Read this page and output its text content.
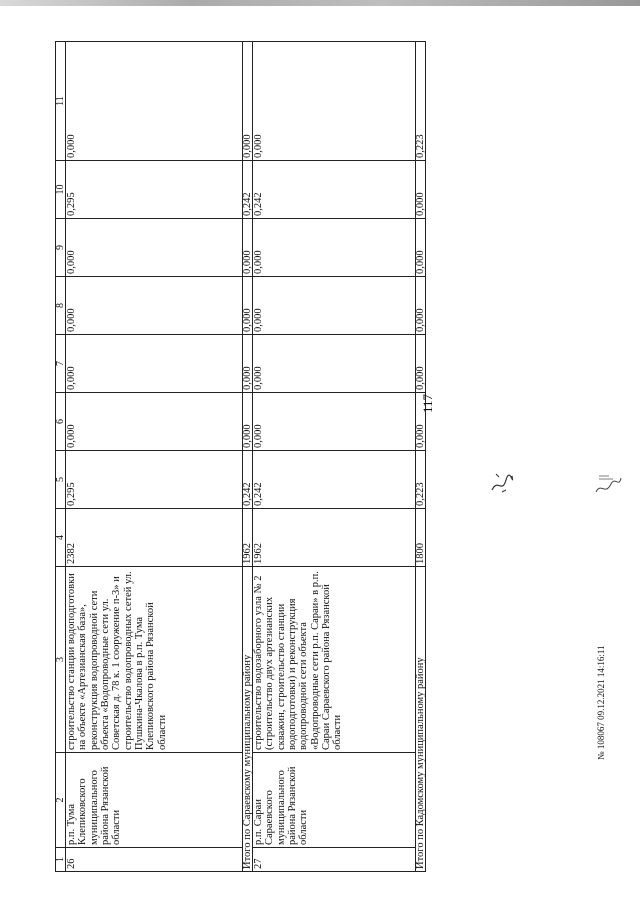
117
1	2	3	4	5	6	7	8	9	10	11
26	р.п. Тума Клепиковского муниципального района Рязанской области	строительство станции водоподготовки на объекте «Артезианская база», реконструкция водопроводной сети объекта «Водопроводные сети ул. Советская д. 78 к. 1 сооружение п-3» и строительство водопроводных сетей ул. Пушкина-Чкалова в р.п. Тума Клепиковского района Рязанской области	2382	0,295	0,000	0,000	0,000	0,000	0,295	0,000
Итого по Сараевскому муниципальному району			1962	0,242	0,000	0,000	0,000	0,000	0,242	0,000
27	р.п. Сараи Сараевского муниципального района Рязанской области	строительство водозаборного узла № 2 (строительство двух артезианских скважин, строительство станции водоподготовки) и реконструкция водопроводной сети объекта «Водопроводные сети р.п. Сараи» в р.п. Сараи Сараевского района Рязанской области	1962	0,242	0,000	0,000	0,000	0,000	0,242	0,000
Итого по Кадомскому муниципальному району			1800	0,223	0,000	0,000	0,000	0,000	0,000	0,223
№ 108067 09.12.2021 14:16:11
